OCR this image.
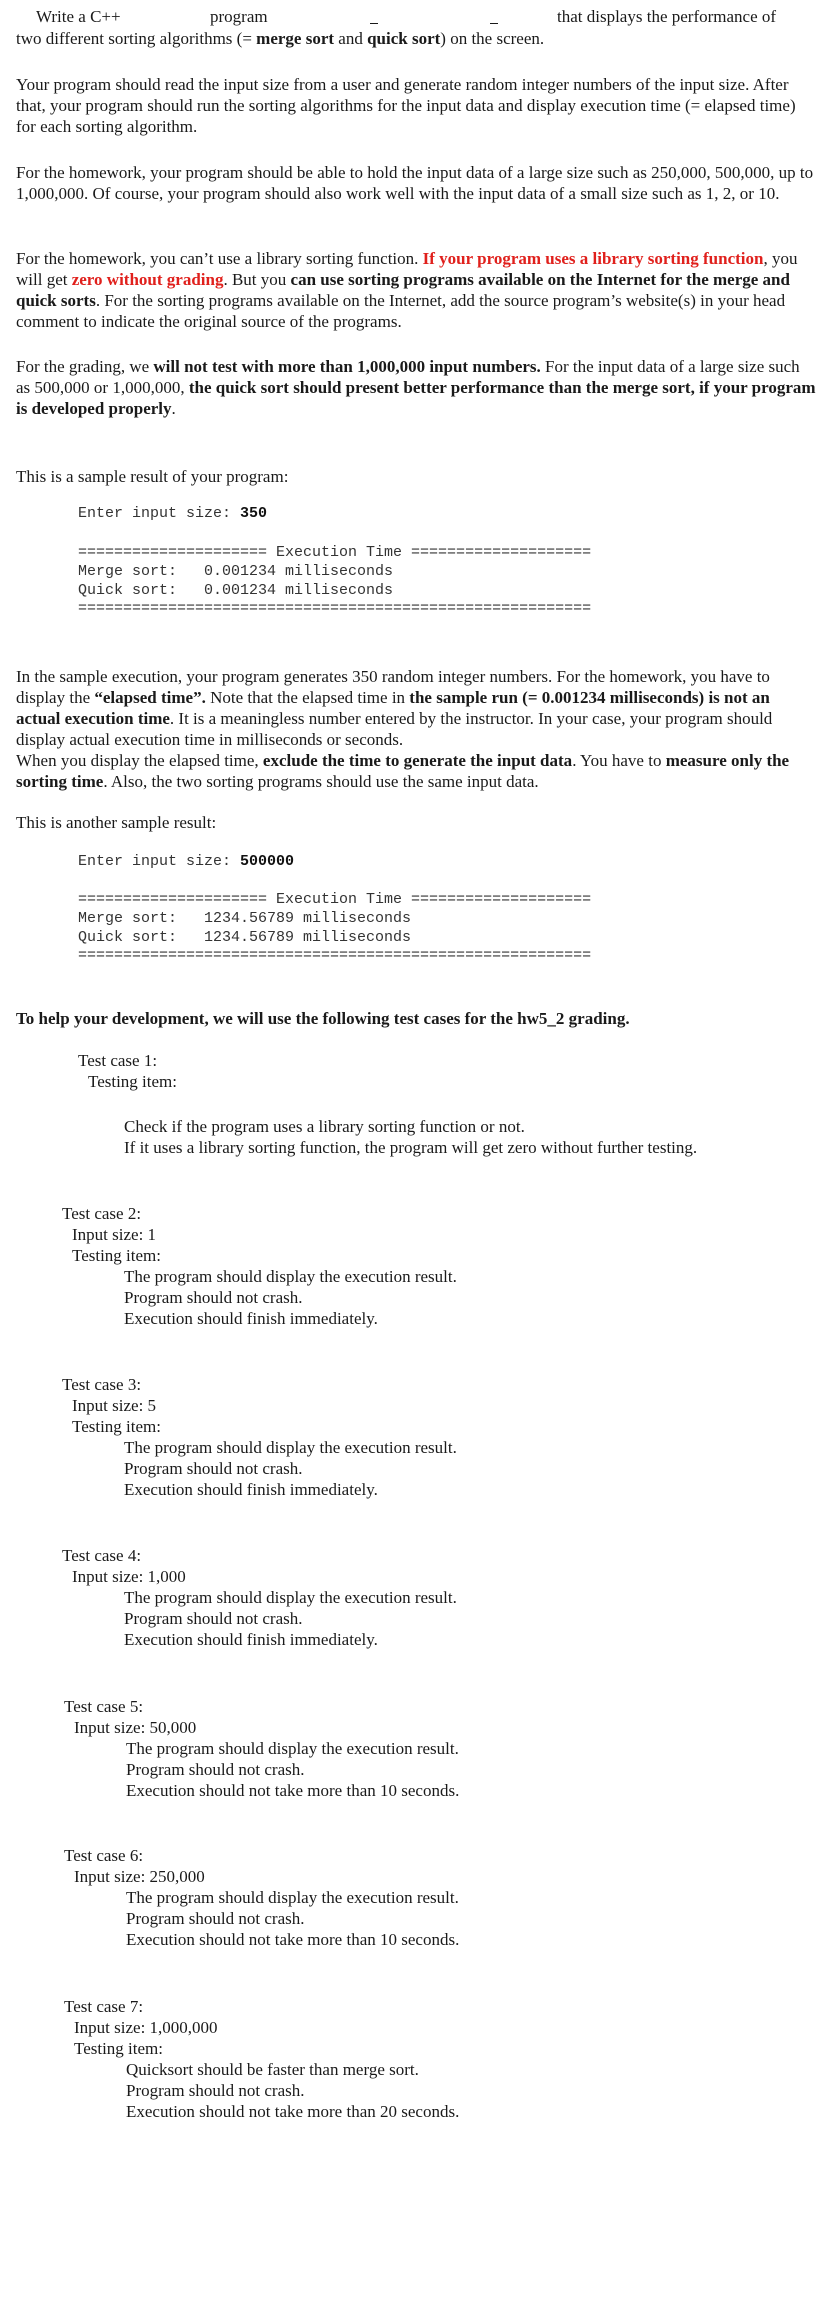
Write a C++	program	that displays the performance of

two different sorting algorithms (= merge sort and quick sort) on the screen.

Your program should read the input size from a user and generate random integer numbers of the input size. After that, your program should run the sorting algorithms for the input data and display execution time (= elapsed time) for each sorting algorithm.

For the homework, your program should be able to hold the input data of a large size such as 250,000, 500,000, up to 1,000,000. Of course, your program should also work well with the input data of a small size such as 1, 2, or 10.

For the homework, you can’t use a library sorting function. If your program uses a library sorting function, you will get zero without grading. But you can use sorting programs available on the Internet for the merge and quick sorts. For the sorting programs available on the Internet, add the source program’s website(s) in your head comment to indicate the original source of the programs.

For the grading, we will not test with more than 1,000,000 input numbers. For the input data of a large size such as 500,000 or 1,000,000, the quick sort should present better performance than the merge sort, if your program is developed properly.

This is a sample result of your program:

Enter input size: 350

===================== Execution Time ====================

Merge sort:   0.001234 milliseconds

Quick sort:   0.001234 milliseconds

=========================================================

In the sample execution, your program generates 350 random integer numbers. For the homework, you have to display the “elapsed time”. Note that the elapsed time in the sample run (= 0.001234 milliseconds) is not an actual execution time. It is a meaningless number entered by the instructor. In your case, your program should display actual execution time in milliseconds or seconds.
When you display the elapsed time, exclude the time to generate the input data. You have to measure only the sorting time. Also, the two sorting programs should use the same input data.

This is another sample result:

Enter input size: 500000

===================== Execution Time ====================

Merge sort:   1234.56789 milliseconds

Quick sort:   1234.56789 milliseconds

=========================================================

To help your development, we will use the following test cases for the hw5_2 grading.

Test case 1:

Testing item:

Check if the program uses a library sorting function or not.

If it uses a library sorting function, the program will get zero without further testing.

Test case 2:

Input size: 1

Testing item:

The program should display the execution result.

Program should not crash.

Execution should finish immediately.

Test case 3:

Input size: 5

Testing item:

The program should display the execution result.

Program should not crash.

Execution should finish immediately.

Test case 4:

Input size: 1,000

The program should display the execution result.

Program should not crash.

Execution should finish immediately.

Test case 5:

Input size: 50,000

The program should display the execution result.

Program should not crash.

Execution should not take more than 10 seconds.

Test case 6:

Input size: 250,000

The program should display the execution result.

Program should not crash.

Execution should not take more than 10 seconds.

Test case 7:

Input size: 1,000,000

Testing item:

Quicksort should be faster than merge sort.

Program should not crash.

Execution should not take more than 20 seconds.
